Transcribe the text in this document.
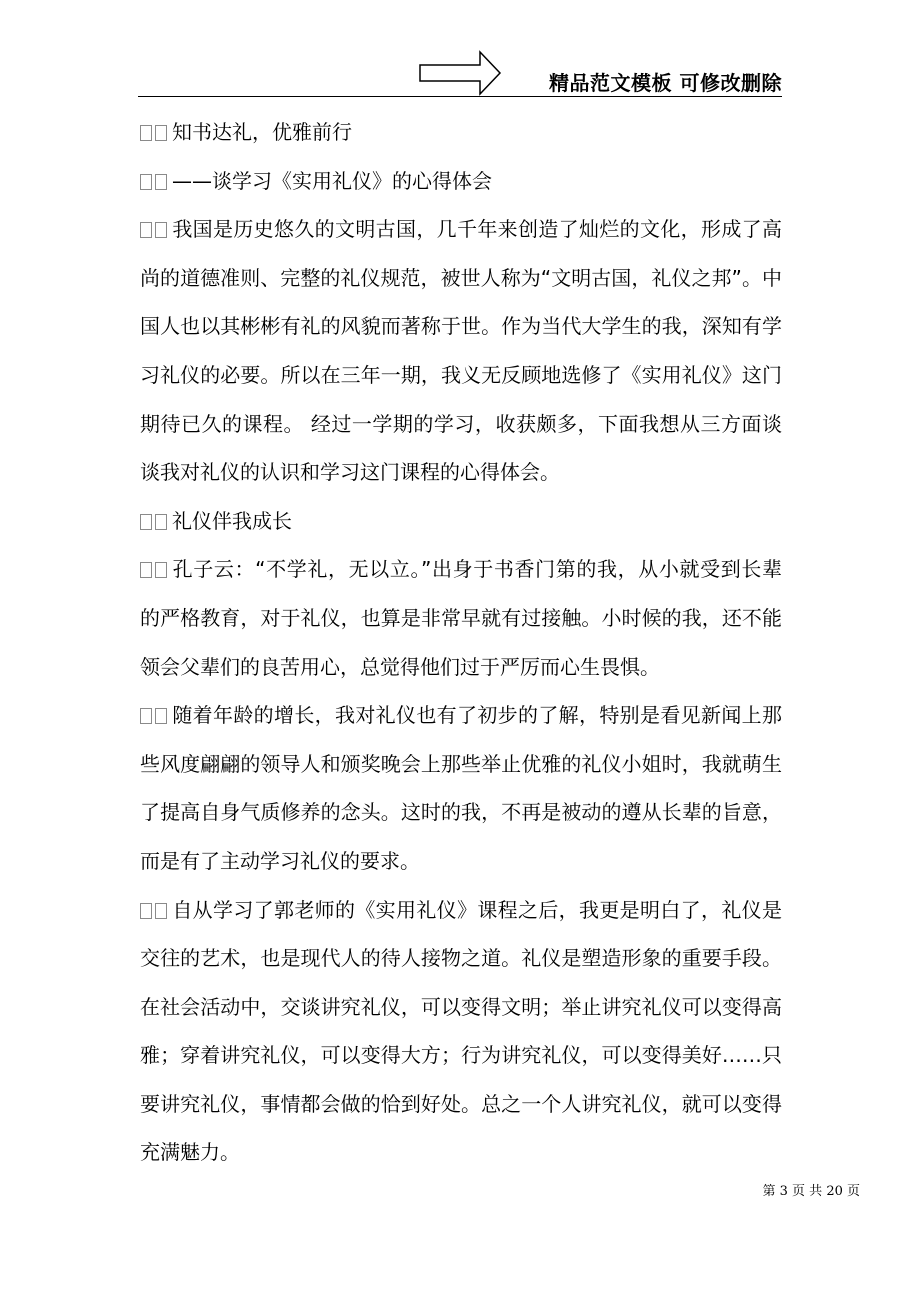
精品范文模板 可修改删除

知书达礼，优雅前行

——谈学习《实用礼仪》的心得体会

我国是历史悠久的文明古国，几千年来创造了灿烂的文化，形成了高尚的道德准则、完整的礼仪规范，被世人称为“文明古国，礼仪之邦”。中国人也以其彬彬有礼的风貌而著称于世。作为当代大学生的我，深知有学习礼仪的必要。所以在三年一期，我义无反顾地选修了《实用礼仪》这门期待已久的课程。 经过一学期的学习，收获颇多，下面我想从三方面谈谈我对礼仪的认识和学习这门课程的心得体会。

礼仪伴我成长

孔子云：“不学礼，无以立。”出身于书香门第的我，从小就受到长辈的严格教育，对于礼仪，也算是非常早就有过接触。小时候的我，还不能领会父辈们的良苦用心，总觉得他们过于严厉而心生畏惧。

随着年龄的增长，我对礼仪也有了初步的了解，特别是看见新闻上那些风度翩翩的领导人和颁奖晚会上那些举止优雅的礼仪小姐时，我就萌生了提高自身气质修养的念头。这时的我，不再是被动的遵从长辈的旨意，而是有了主动学习礼仪的要求。

自从学习了郭老师的《实用礼仪》课程之后，我更是明白了，礼仪是交往的艺术，也是现代人的待人接物之道。礼仪是塑造形象的重要手段。在社会活动中，交谈讲究礼仪，可以变得文明；举止讲究礼仪可以变得高雅；穿着讲究礼仪，可以变得大方；行为讲究礼仪，可以变得美好……只要讲究礼仪，事情都会做的恰到好处。总之一个人讲究礼仪，就可以变得充满魅力。

第 3 页 共 20 页
